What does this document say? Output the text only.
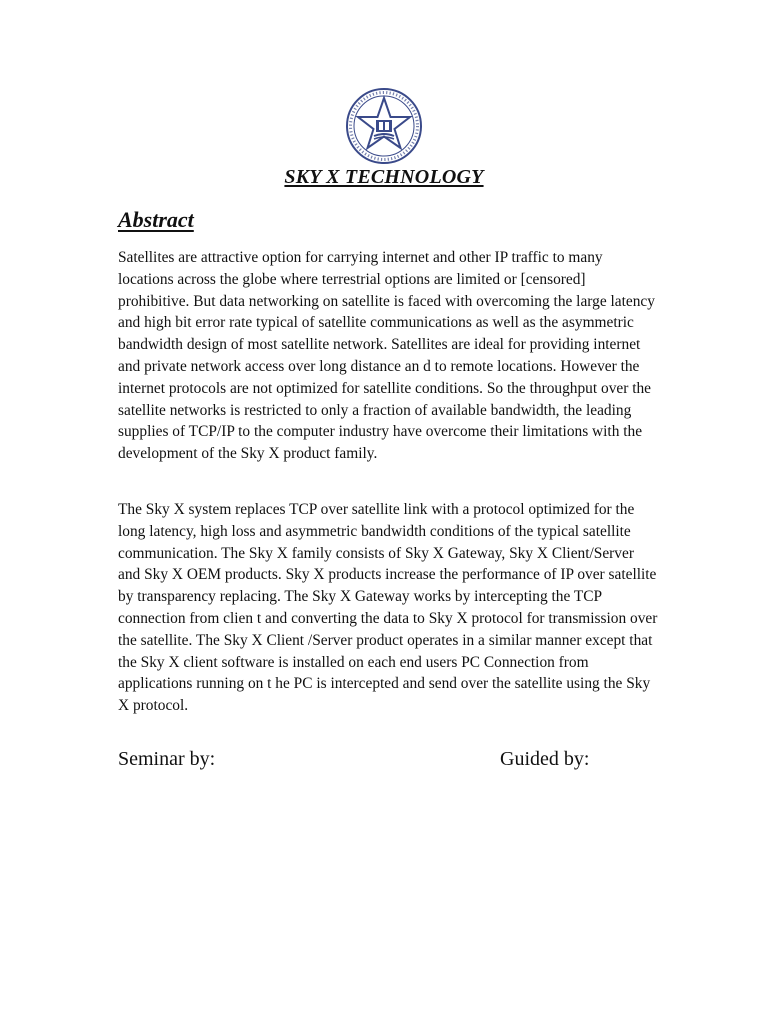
SKY X TECHNOLOGY
Abstract

Satellites are attractive option for carrying internet and other IP traffic to many locations across the globe where terrestrial options are limited or [censored] prohibitive. But data networking on satellite is faced with overcoming the large latency and high bit error rate typical of satellite communications as well as the asymmetric bandwidth design of most satellite network. Satellites are ideal for providing internet and private network access over long distance an d to remote locations. However the internet protocols are not optimized for satellite conditions. So the throughput over the satellite networks is restricted to only a fraction of available bandwidth, the leading supplies of TCP/IP to the computer industry have overcome their limitations with the development of the Sky X product family.

The Sky X system replaces TCP over satellite link with a protocol optimized for the long latency, high loss and asymmetric bandwidth conditions of the typical satellite communication. The Sky X family consists of Sky X Gateway, Sky X Client/Server and Sky X OEM products. Sky X products increase the performance of IP over satellite by transparency replacing. The Sky X Gateway works by intercepting the TCP connection from clien t and converting the data to Sky X protocol for transmission over the satellite. The Sky X Client /Server product operates in a similar manner except that the Sky X client software is installed on each end users PC Connection from applications running on t he PC is intercepted and send over the satellite using the Sky X protocol.

Seminar by:	Guided by:
